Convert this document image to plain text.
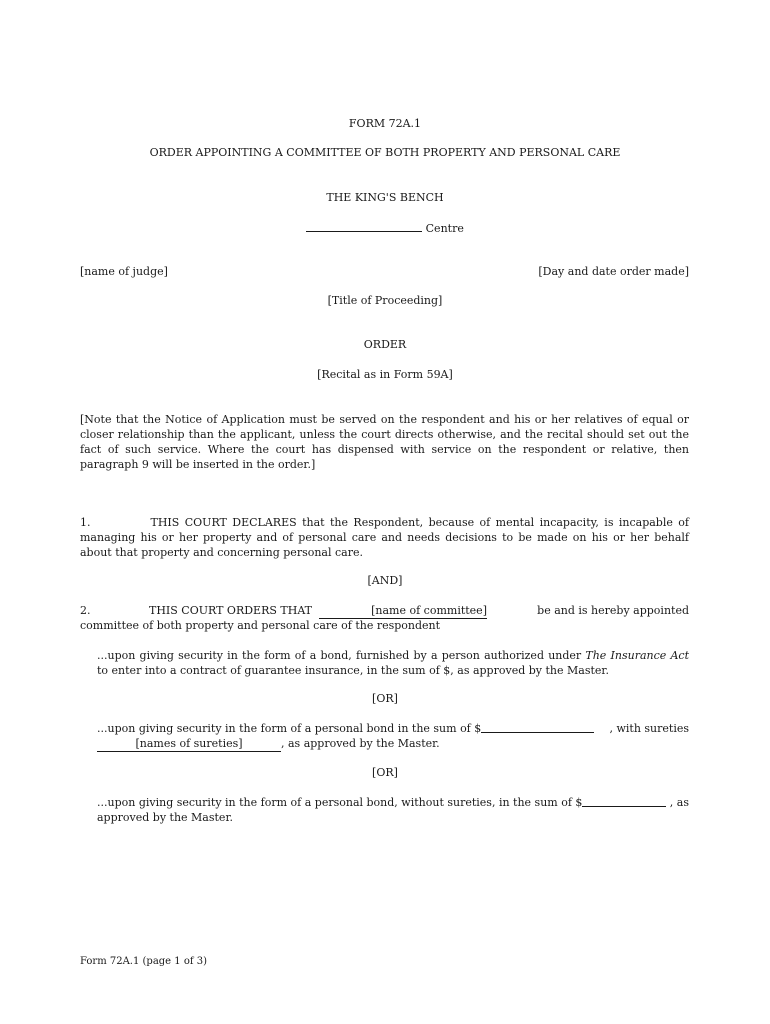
FORM 72A.1
ORDER APPOINTING A COMMITTEE OF BOTH PROPERTY AND PERSONAL CARE
THE KING'S BENCH
Centre
[name of judge]	[Day and date order made]
[Title of Proceeding]
ORDER
[Recital as in Form 59A]
[Note that the Notice of Application must be served on the respondent and his or her relatives of equal or closer relationship than the applicant, unless the court directs otherwise, and the recital should set out the fact of such service. Where the court has dispensed with service on the respondent or relative, then paragraph 9 will be inserted in the order.]
1.	THIS COURT DECLARES that the Respondent, because of mental incapacity, is incapable of
managing his or her property and of personal care and needs decisions to be made on his or her behalf about that property and concerning personal care.
[AND]
2.	THIS COURT ORDERS THAT	[name of committee]	be and is hereby appointed
committee of both property and personal care of the respondent
...upon giving security in the form of a bond, furnished by a person authorized under The Insurance Act to enter into a contract of guarantee insurance, in the sum of $, as approved by the Master.
[OR]
...upon giving security in the form of a personal bond in the sum of $	, with sureties
[names of sureties]	, as approved by the Master.
[OR]
...upon giving security in the form of a personal bond, without sureties, in the sum of $	, as
approved by the Master.
Form 72A.1 (page 1 of 3)
